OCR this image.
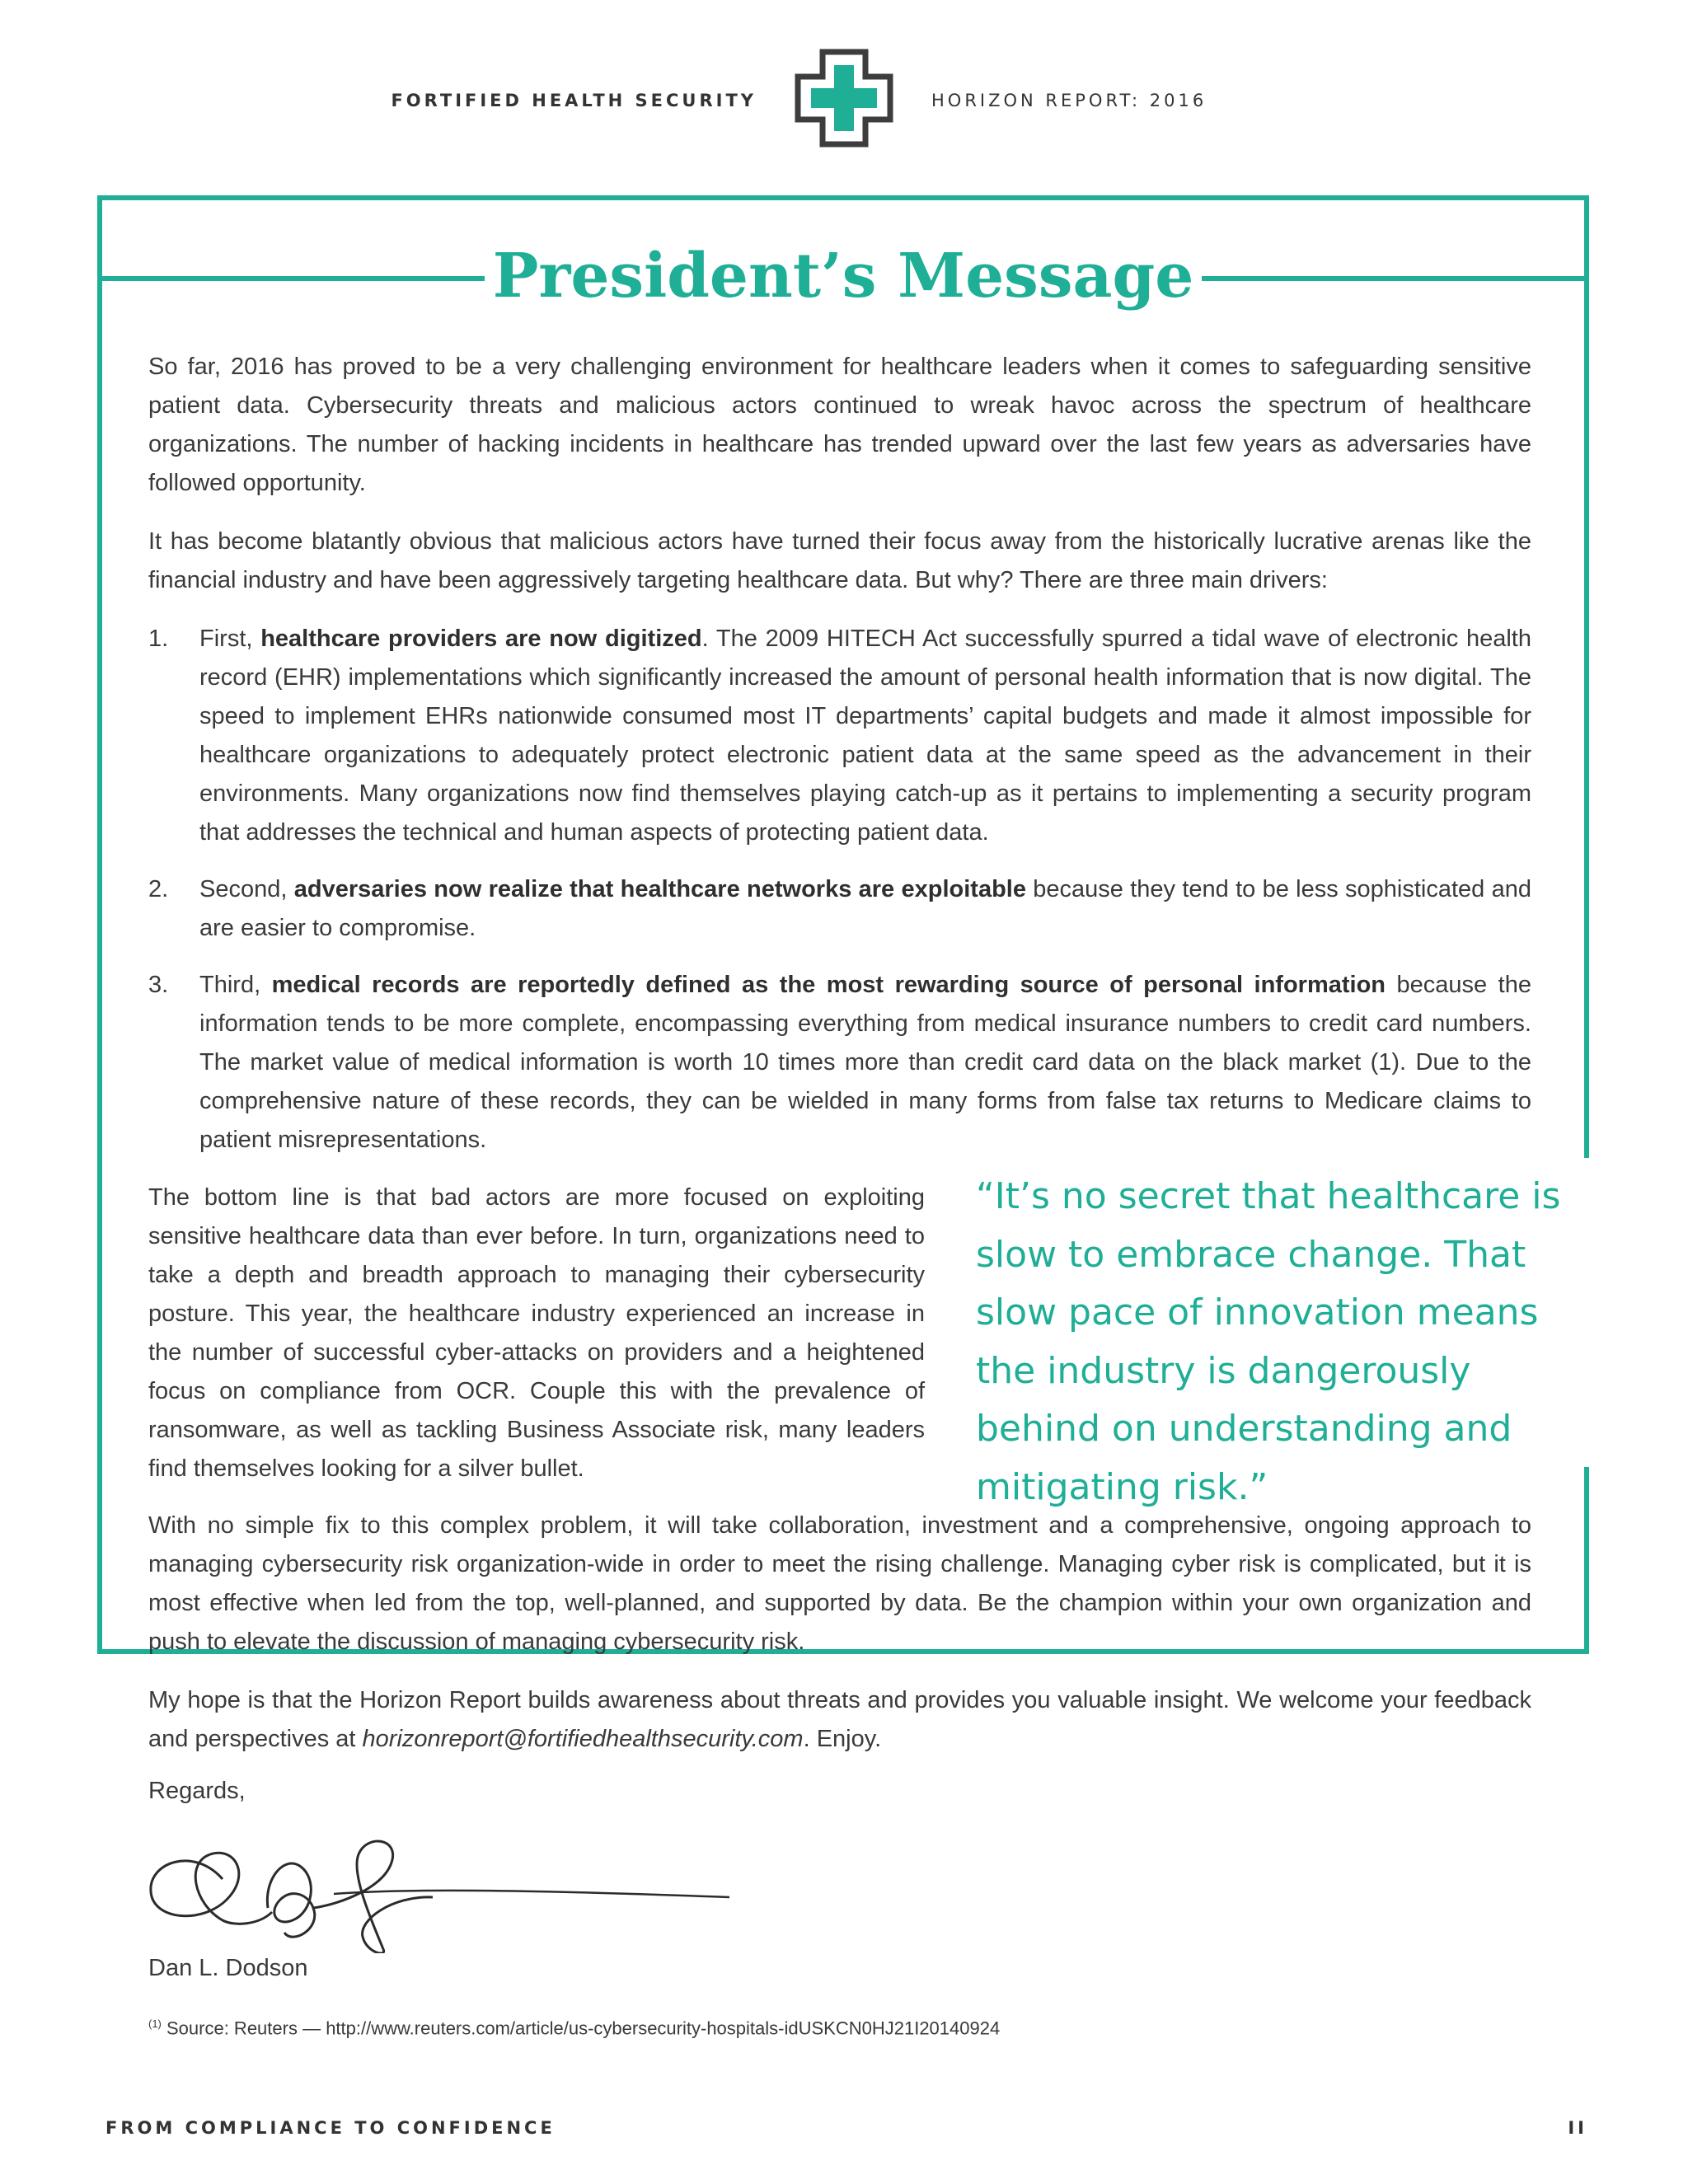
FORTIFIED HEALTH SECURITY	HORIZON REPORT: 2016
President’s Message

So far, 2016 has proved to be a very challenging environment for healthcare leaders when it comes to safeguarding sensitive patient data. Cybersecurity threats and malicious actors continued to wreak havoc across the spectrum of healthcare organizations. The number of hacking incidents in healthcare has trended upward over the last few years as adversaries have followed opportunity.

It has become blatantly obvious that malicious actors have turned their focus away from the historically lucrative arenas like the financial industry and have been aggressively targeting healthcare data. But why? There are three main drivers:

1. First, healthcare providers are now digitized. The 2009 HITECH Act successfully spurred a tidal wave of electronic health record (EHR) implementations which significantly increased the amount of personal health information that is now digital. The speed to implement EHRs nationwide consumed most IT departments’ capital budgets and made it almost impossible for healthcare organizations to adequately protect electronic patient data at the same speed as the advancement in their environments. Many organizations now find themselves playing catch-up as it pertains to implementing a security program that addresses the technical and human aspects of protecting patient data.
2. Second, adversaries now realize that healthcare networks are exploitable because they tend to be less sophisticated and are easier to compromise.
3. Third, medical records are reportedly defined as the most rewarding source of personal information because the information tends to be more complete, encompassing everything from medical insurance numbers to credit card numbers. The market value of medical information is worth 10 times more than credit card data on the black market (1). Due to the comprehensive nature of these records, they can be wielded in many forms from false tax returns to Medicare claims to patient misrepresentations.

The bottom line is that bad actors are more focused on exploiting sensitive healthcare data than ever before. In turn, organizations need to take a depth and breadth approach to managing their cybersecurity posture. This year, the healthcare industry experienced an increase in the number of successful cyber-attacks on providers and a heightened focus on compliance from OCR. Couple this with the prevalence of ransomware, as well as tackling Business Associate risk, many leaders find themselves looking for a silver bullet.

“It’s no secret that healthcare is slow to embrace change. That slow pace of innovation means the industry is dangerously behind on understanding and mitigating risk.”

With no simple fix to this complex problem, it will take collaboration, investment and a comprehensive, ongoing approach to managing cybersecurity risk organization-wide in order to meet the rising challenge. Managing cyber risk is complicated, but it is most effective when led from the top, well-planned, and supported by data. Be the champion within your own organization and push to elevate the discussion of managing cybersecurity risk.

My hope is that the Horizon Report builds awareness about threats and provides you valuable insight. We welcome your feedback and perspectives at horizonreport@fortifiedhealthsecurity.com. Enjoy.

Regards,
Dan L. Dodson
$^{(1)}$ Source: Reuters — http://www.reuters.com/article/us-cybersecurity-hospitals-idUSKCN0HJ21I20140924
FROM COMPLIANCE TO CONFIDENCE	II
